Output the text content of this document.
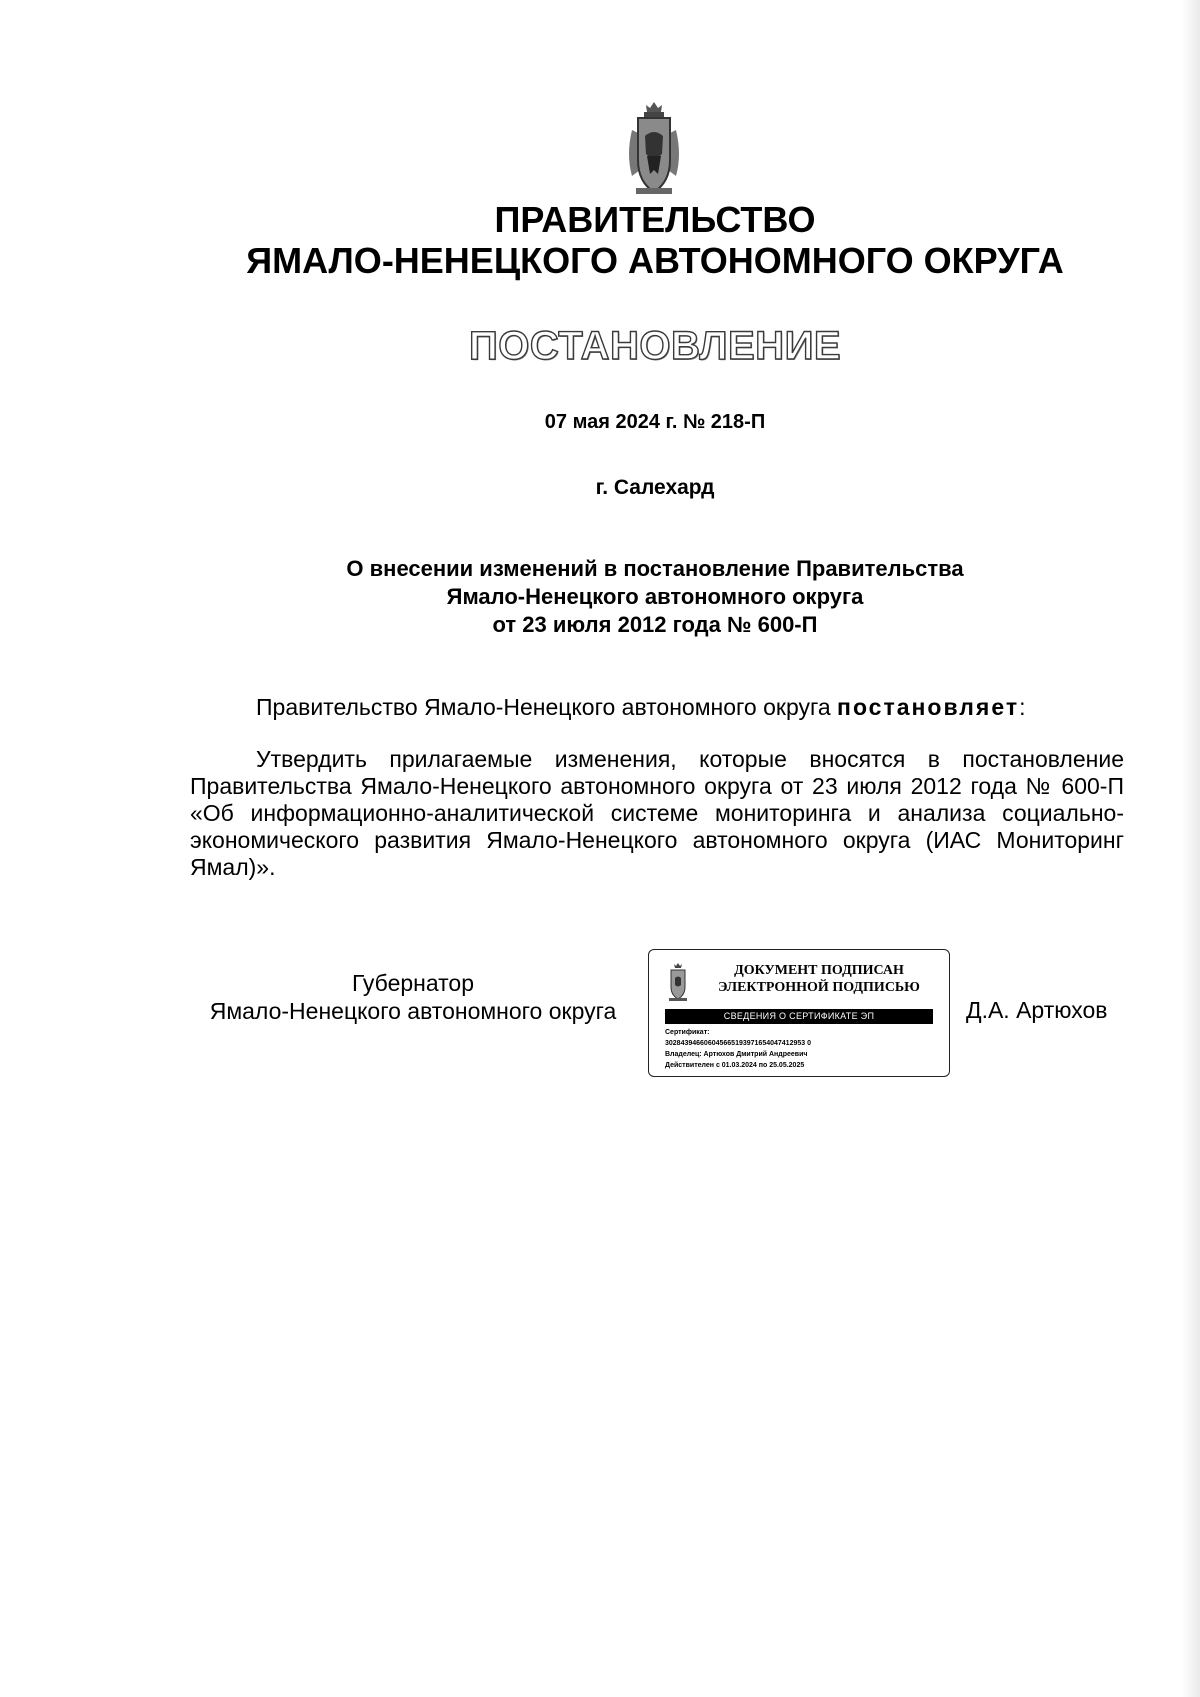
ПРАВИТЕЛЬСТВО
ЯМАЛО-НЕНЕЦКОГО АВТОНОМНОГО ОКРУГА
ПОСТАНОВЛЕНИЕ
07 мая 2024 г. № 218-П
г. Салехард
О внесении изменений в постановление Правительства
Ямало-Ненецкого автономного округа
от 23 июля 2012 года № 600-П
Правительство Ямало-Ненецкого автономного округа постановляет:
Утвердить прилагаемые изменения, которые вносятся в постановление Правительства Ямало-Ненецкого автономного округа от 23 июля 2012 года № 600-П «Об информационно-аналитической системе мониторинга и анализа социально-экономического развития Ямало-Ненецкого автономного округа (ИАС Мониторинг Ямал)».
Губернатор
Ямало-Ненецкого автономного округа
ДОКУМЕНТ ПОДПИСАН
ЭЛЕКТРОННОЙ ПОДПИСЬЮ
СВЕДЕНИЯ О СЕРТИФИКАТЕ ЭП
Сертификат:
302843946606045665193971654047412953 0
Владелец: Артюхов Дмитрий Андреевич
Действителен с 01.03.2024 по 25.05.2025
Д.А. Артюхов
